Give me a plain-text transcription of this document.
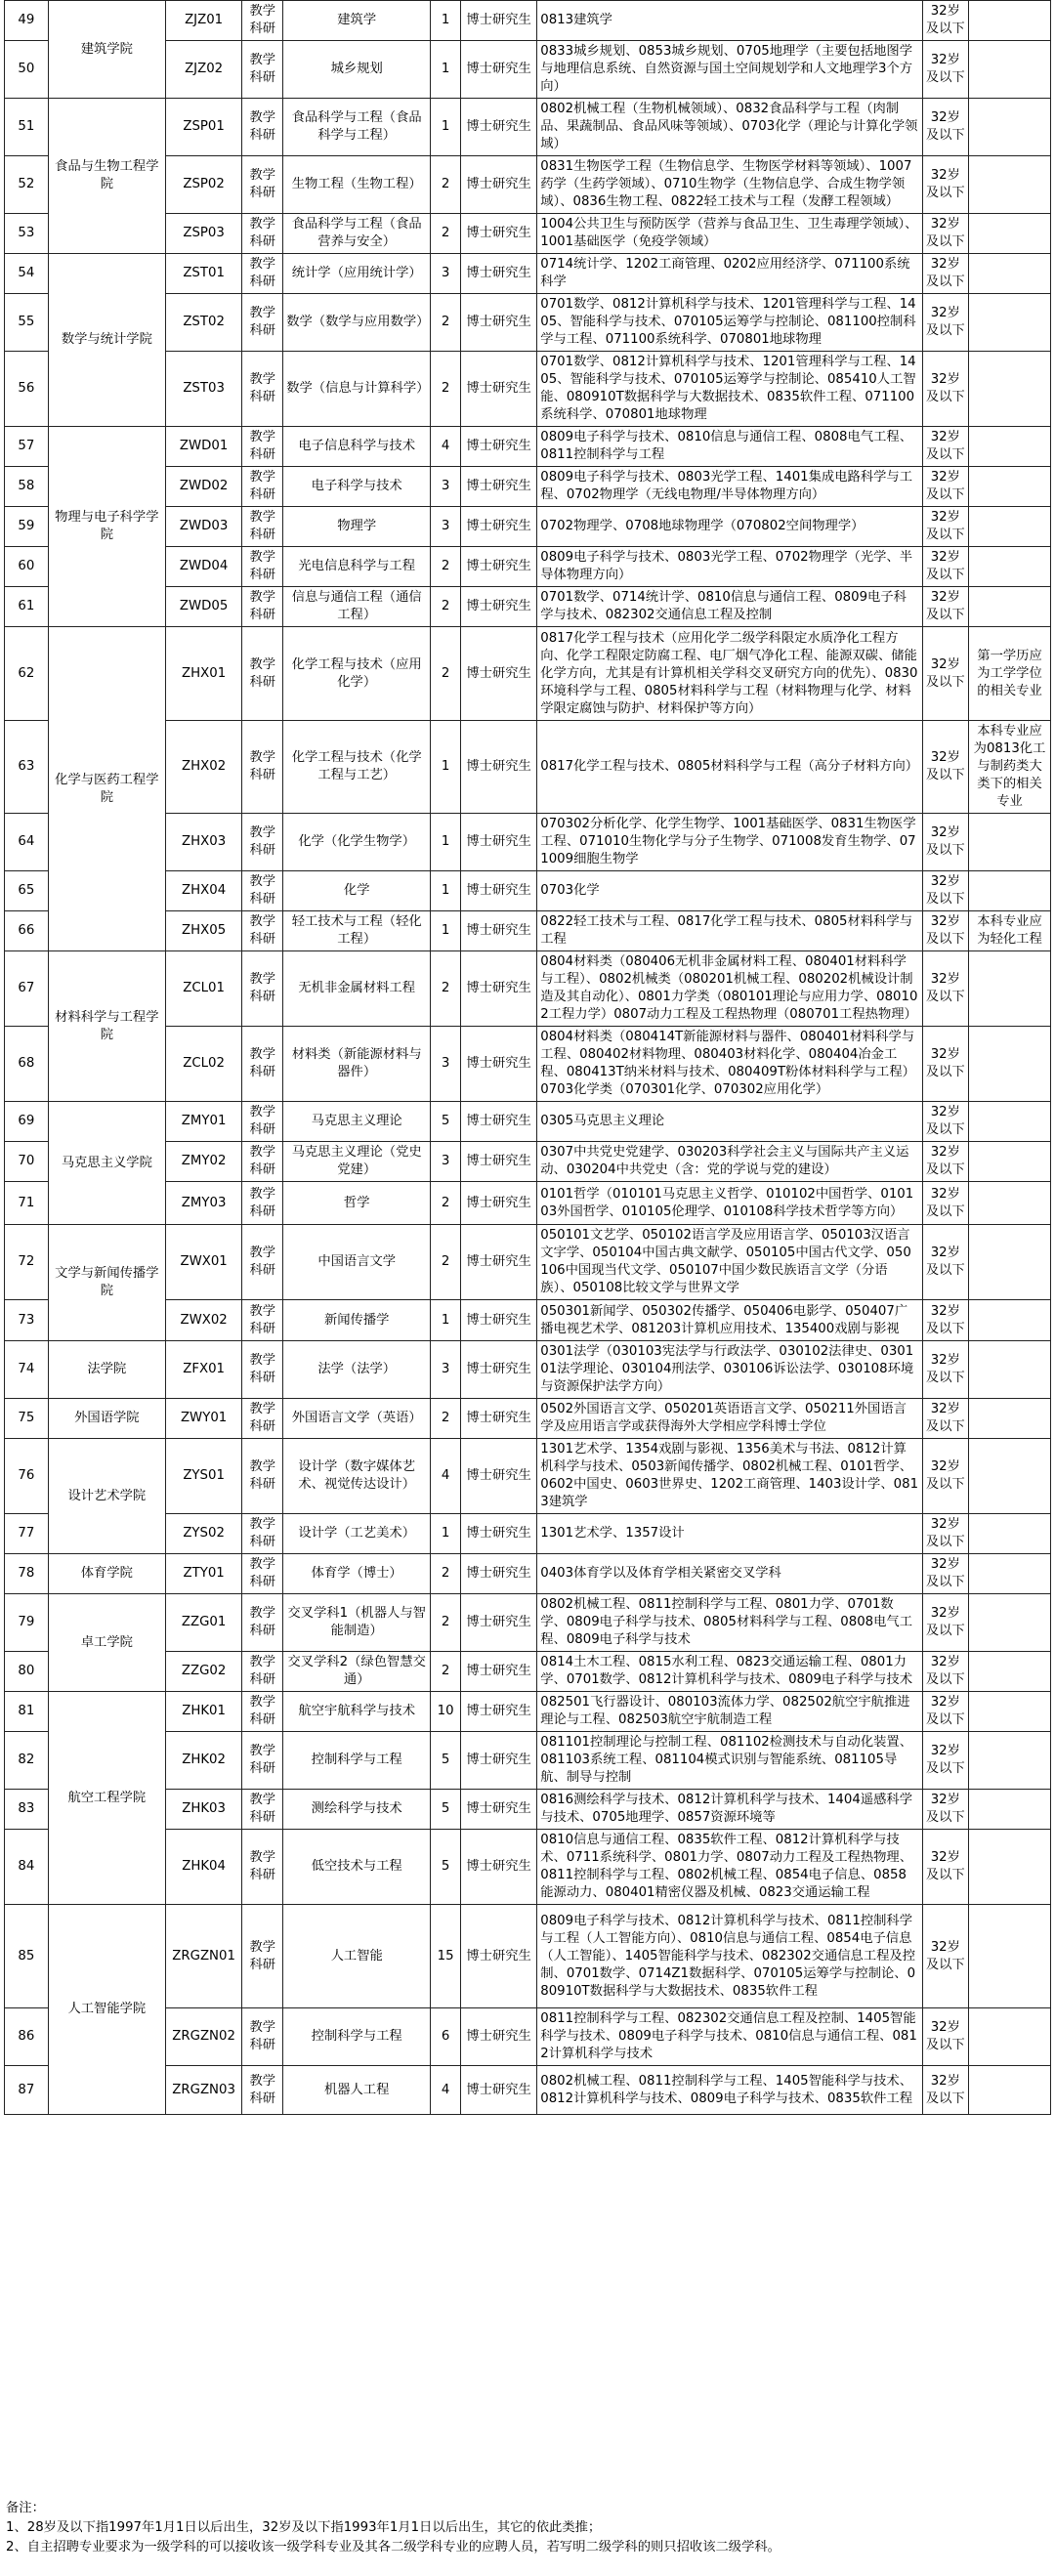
49	建筑学院	ZJZ01	教学科研	建筑学	1	博士研究生	0813建筑学	32岁及以下	
50		ZJZ02	教学科研	城乡规划	1	博士研究生	0833城乡规划、0853城乡规划、0705地理学（主要包括地图学与地理信息系统、自然资源与国土空间规划学和人文地理学3个方向）	32岁及以下	
51	食品与生物工程学院	ZSP01	教学科研	食品科学与工程（食品科学与工程）	1	博士研究生	0802机械工程（生物机械领域）、0832食品科学与工程（肉制品、果蔬制品、食品风味等领域）、0703化学（理论与计算化学领域）	32岁及以下	
52		ZSP02	教学科研	生物工程（生物工程）	2	博士研究生	0831生物医学工程（生物信息学、生物医学材料等领域）、1007药学（生药学领域）、0710生物学（生物信息学、合成生物学领域）、0836生物工程、0822轻工技术与工程（发酵工程领域）	32岁及以下	
53		ZSP03	教学科研	食品科学与工程（食品营养与安全）	2	博士研究生	1004公共卫生与预防医学（营养与食品卫生、卫生毒理学领域）、1001基础医学（免疫学领域）	32岁及以下	
54	数学与统计学院	ZST01	教学科研	统计学（应用统计学）	3	博士研究生	0714统计学、1202工商管理、0202应用经济学、071100系统科学	32岁及以下	
55		ZST02	教学科研	数学（数学与应用数学）	2	博士研究生	0701数学、0812计算机科学与技术、1201管理科学与工程、1405、智能科学与技术、070105运筹学与控制论、081100控制科学与工程、071100系统科学、070801地球物理	32岁及以下	
56		ZST03	教学科研	数学（信息与计算科学）	2	博士研究生	0701数学、0812计算机科学与技术、1201管理科学与工程、1405、智能科学与技术、070105运筹学与控制论、085410人工智能、080910T数据科学与大数据技术、0835软件工程、071100系统科学、070801地球物理	32岁及以下	
57	物理与电子科学学院	ZWD01	教学科研	电子信息科学与技术	4	博士研究生	0809电子科学与技术、0810信息与通信工程、0808电气工程、0811控制科学与工程	32岁及以下	
58		ZWD02	教学科研	电子科学与技术	3	博士研究生	0809电子科学与技术、0803光学工程、1401集成电路科学与工程、0702物理学（无线电物理/半导体物理方向）	32岁及以下	
59		ZWD03	教学科研	物理学	3	博士研究生	0702物理学、0708地球物理学（070802空间物理学）	32岁及以下	
60		ZWD04	教学科研	光电信息科学与工程	2	博士研究生	0809电子科学与技术、0803光学工程、0702物理学（光学、半导体物理方向）	32岁及以下	
61		ZWD05	教学科研	信息与通信工程（通信工程）	2	博士研究生	0701数学、0714统计学、0810信息与通信工程、0809电子科学与技术、082302交通信息工程及控制	32岁及以下	
62	化学与医药工程学院	ZHX01	教学科研	化学工程与技术（应用化学）	2	博士研究生	0817化学工程与技术（应用化学二级学科限定水质净化工程方向、化学工程限定防腐工程、电厂烟气净化工程、能源双碳、储能化学方向，尤其是有计算机相关学科交叉研究方向的优先）、0830环境科学与工程、0805材料科学与工程（材料物理与化学、材料学限定腐蚀与防护、材料保护等方向）	32岁及以下	第一学历应为工学学位的相关专业
63		ZHX02	教学科研	化学工程与技术（化学工程与工艺）	1	博士研究生	0817化学工程与技术、0805材料科学与工程（高分子材料方向）	32岁及以下	本科专业应为0813化工与制药类大类下的相关专业
64		ZHX03	教学科研	化学（化学生物学）	1	博士研究生	070302分析化学、化学生物学、1001基础医学、0831生物医学工程、071010生物化学与分子生物学、071008发育生物学、071009细胞生物学	32岁及以下	
65		ZHX04	教学科研	化学	1	博士研究生	0703化学	32岁及以下	
66		ZHX05	教学科研	轻工技术与工程（轻化工程）	1	博士研究生	0822轻工技术与工程、0817化学工程与技术、0805材料科学与工程	32岁及以下	本科专业应为轻化工程
67	材料科学与工程学院	ZCL01	教学科研	无机非金属材料工程	2	博士研究生	0804材料类（080406无机非金属材料工程、080401材料科学与工程）、0802机械类（080201机械工程、080202机械设计制造及其自动化）、0801力学类（080101理论与应用力学、080102工程力学）0807动力工程及工程热物理（080701工程热物理）	32岁及以下	
68		ZCL02	教学科研	材料类（新能源材料与器件）	3	博士研究生	0804材料类（080414T新能源材料与器件、080401材料科学与工程、080402材料物理、080403材料化学、080404冶金工程、080413T纳米材料与技术、080409T粉体材料科学与工程）0703化学类（070301化学、070302应用化学）	32岁及以下	
69	马克思主义学院	ZMY01	教学科研	马克思主义理论	5	博士研究生	0305马克思主义理论	32岁及以下	
70		ZMY02	教学科研	马克思主义理论（党史党建）	3	博士研究生	0307中共党史党建学、030203科学社会主义与国际共产主义运动、030204中共党史（含：党的学说与党的建设）	32岁及以下	
71		ZMY03	教学科研	哲学	2	博士研究生	0101哲学（010101马克思主义哲学、010102中国哲学、010103外国哲学、010105伦理学、010108科学技术哲学等方向）	32岁及以下	
72	文学与新闻传播学院	ZWX01	教学科研	中国语言文学	2	博士研究生	050101文艺学、050102语言学及应用语言学、050103汉语言文字学、050104中国古典文献学、050105中国古代文学、050106中国现当代文学、050107中国少数民族语言文学（分语族）、050108比较文学与世界文学	32岁及以下	
73		ZWX02	教学科研	新闻传播学	1	博士研究生	050301新闻学、050302传播学、050406电影学、050407广播电视艺术学、081203计算机应用技术、135400戏剧与影视	32岁及以下	
74	法学院	ZFX01	教学科研	法学（法学）	3	博士研究生	0301法学（030103宪法学与行政法学、030102法律史、030101法学理论、030104刑法学、030106诉讼法学、030108环境与资源保护法学方向）	32岁及以下	
75	外国语学院	ZWY01	教学科研	外国语言文学（英语）	2	博士研究生	0502外国语言文学、050201英语语言文学、050211外国语言学及应用语言学或获得海外大学相应学科博士学位	32岁及以下	
76	设计艺术学院	ZYS01	教学科研	设计学（数字媒体艺术、视觉传达设计）	4	博士研究生	1301艺术学、1354戏剧与影视、1356美术与书法、0812计算机科学与技术、0503新闻传播学、0802机械工程、0101哲学、0602中国史、0603世界史、1202工商管理、1403设计学、0813建筑学	32岁及以下	
77		ZYS02	教学科研	设计学（工艺美术）	1	博士研究生	1301艺术学、1357设计	32岁及以下	
78	体育学院	ZTY01	教学科研	体育学（博士）	2	博士研究生	0403体育学以及体育学相关紧密交叉学科	32岁及以下	
79	卓工学院	ZZG01	教学科研	交叉学科1（机器人与智能制造）	2	博士研究生	0802机械工程、0811控制科学与工程、0801力学、0701数学、0809电子科学与技术、0805材料科学与工程、0808电气工程、0809电子科学与技术	32岁及以下	
80		ZZG02	教学科研	交叉学科2（绿色智慧交通）	2	博士研究生	0814土木工程、0815水利工程、0823交通运输工程、0801力学、0701数学、0812计算机科学与技术、0809电子科学与技术	32岁及以下	
81	航空工程学院	ZHK01	教学科研	航空宇航科学与技术	10	博士研究生	082501飞行器设计、080103流体力学、082502航空宇航推进理论与工程、082503航空宇航制造工程	32岁及以下	
82		ZHK02	教学科研	控制科学与工程	5	博士研究生	081101控制理论与控制工程、081102检测技术与自动化装置、081103系统工程、081104模式识别与智能系统、081105导航、制导与控制	32岁及以下	
83		ZHK03	教学科研	测绘科学与技术	5	博士研究生	0816测绘科学与技术、0812计算机科学与技术、1404遥感科学与技术、0705地理学、0857资源环境等	32岁及以下	
84		ZHK04	教学科研	低空技术与工程	5	博士研究生	0810信息与通信工程、0835软件工程、0812计算机科学与技术、0711系统科学、0801力学、0807动力工程及工程热物理、0811控制科学与工程、0802机械工程、0854电子信息、0858能源动力、080401精密仪器及机械、0823交通运输工程	32岁及以下	
85	人工智能学院	ZRGZN01	教学科研	人工智能	15	博士研究生	0809电子科学与技术、0812计算机科学与技术、0811控制科学与工程（人工智能方向）、0810信息与通信工程、0854电子信息（人工智能）、1405智能科学与技术、082302交通信息工程及控制、0701数学、0714Z1数据科学、070105运筹学与控制论、080910T数据科学与大数据技术、0835软件工程	32岁及以下	
86		ZRGZN02	教学科研	控制科学与工程	6	博士研究生	0811控制科学与工程、082302交通信息工程及控制、1405智能科学与技术、0809电子科学与技术、0810信息与通信工程、0812计算机科学与技术	32岁及以下	
87		ZRGZN03	教学科研	机器人工程	4	博士研究生	0802机械工程、0811控制科学与工程、1405智能科学与技术、0812计算机科学与技术、0809电子科学与技术、0835软件工程	32岁及以下	
备注：
1、28岁及以下指1997年1月1日以后出生，32岁及以下指1993年1月1日以后出生，其它的依此类推；
2、自主招聘专业要求为一级学科的可以接收该一级学科专业及其各二级学科专业的应聘人员，若写明二级学科的则只招收该二级学科。
